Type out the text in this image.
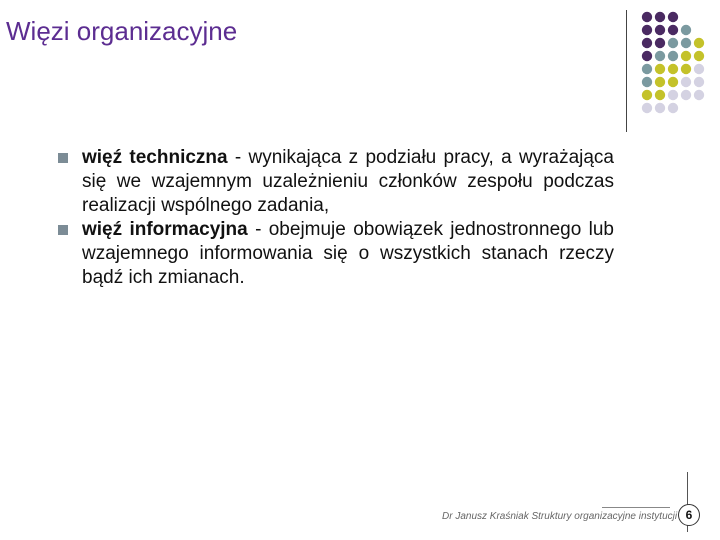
Więzi organizacyjne

więź techniczna - wynikająca z podziału pracy, a wyrażająca się we wzajemnym uzależnieniu członków zespołu podczas realizacji wspólnego zadania,

więź informacyjna - obejmuje obowiązek jednostronnego lub wzajemnego informowania się o wszystkich stanach rzeczy bądź ich zmianach.

Dr Janusz Kraśniak Struktury organizacyjne instytucji 6
